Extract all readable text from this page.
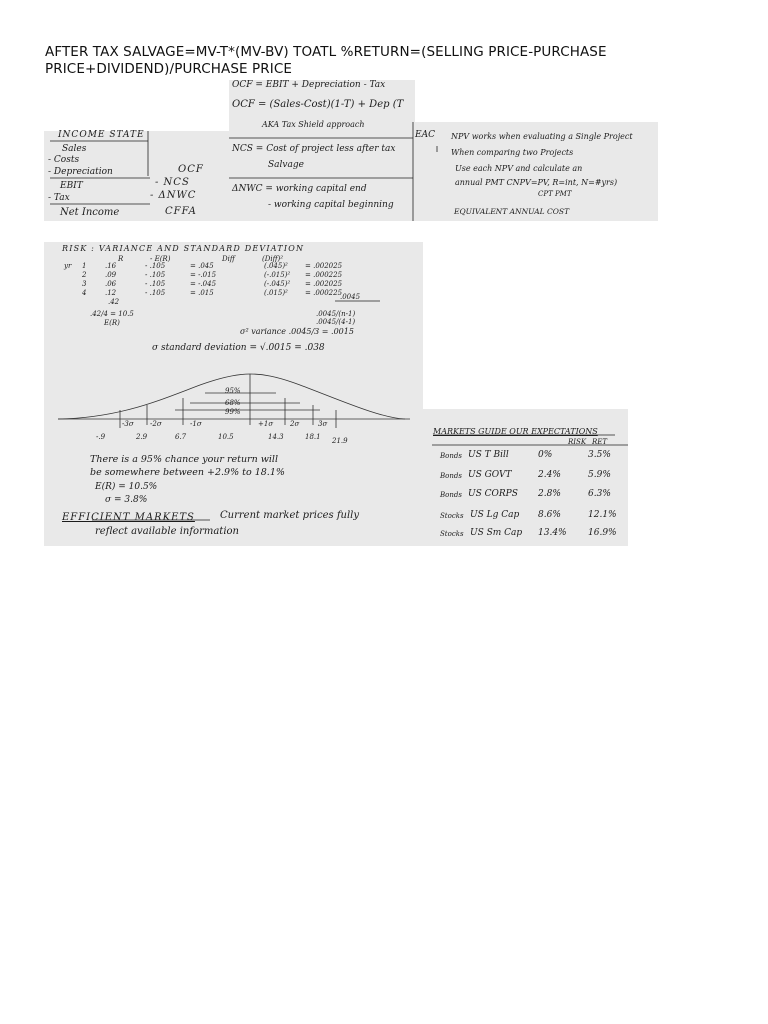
AFTER TAX SALVAGE=MV-T*(MV-BV) TOATL %RETURN=(SELLING PRICE-PURCHASE
PRICE+DIVIDEND)/PURCHASE PRICE
INCOME STATE
Sales
- Costs
- Depreciation
EBIT
- Tax
Net Income
OCF
- NCS
- ΔNWC
CFFA
OCF = EBIT + Depreciation - Tax
OCF = (Sales-Cost)(1-T) + Dep (T
AKA Tax Shield approach
NCS = Cost of project less after tax
Salvage
ΔNWC = working capital end
- working capital beginning
EAC NPV works when evaluating a Single Project
When comparing two Projects
Use each NPV and calculate an
annual PMT CNPV=PV, R=int, N=#yrs)
CPT PMT
EQUIVALENT ANNUAL COST
RISK : VARIANCE AND STANDARD DEVIATION
R	- E(R)	Diff	(Diff)²
yr 1	.16	- .105	= .045	(.045)² = .002025
2	.09	- .105	= -.015	(-.015)² = .000225
3	.06	- .105	= -.045	(-.045)² = .002025
4	.12	- .105	= .015	(.015)² = .000225
.42
.0045
.42/4 = 10.5
E(R)
.0045/(n-1)
.0045/(4-1)
σ² variance .0045/3 = .0015
σ standard deviation = √.0015 = .038
95%
68%
99%
-3σ -2σ	-1σ	+1σ 2σ	3σ
-.9	2.9	6.7	10.5	14.3	18.1 21.9
There is a 95% chance your return will
be somewhere between +2.9% to 18.1%
E(R) = 10.5%
σ = 3.8%
EFFICIENT MARKETS	Current market prices fully
reflect available information
MARKETS GUIDE OUR EXPECTATIONS
RISK RET
Bonds US T Bill	0%	3.5%
Bonds US GOVT	2.4%	5.9%
Bonds US CORPS 2.8%	6.3%
Stocks US Lg Cap 8.6%	12.1%
Stocks US Sm Cap 13.4% 16.9%
